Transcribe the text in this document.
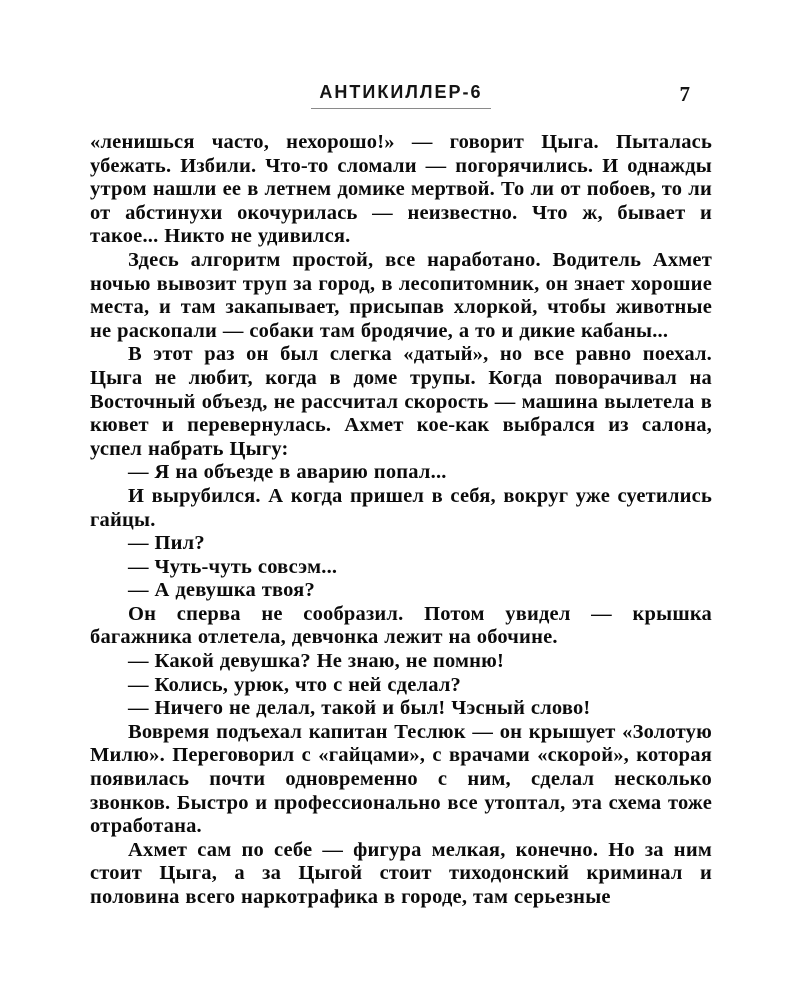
АНТИКИЛЛЕР-6	7

«ленишься часто, нехорошо!» — говорит Цыга. Пыталась убежать. Избили. Что-то сломали — погорячились. И однажды утром нашли ее в летнем домике мертвой. То ли от побоев, то ли от абстинухи окочурилась — неизвестно. Что ж, бывает и такое... Никто не удивился.

Здесь алгоритм простой, все наработано. Водитель Ахмет ночью вывозит труп за город, в лесопитомник, он знает хорошие места, и там закапывает, присыпав хлоркой, чтобы животные не раскопали — собаки там бродячие, а то и дикие кабаны...

В этот раз он был слегка «датый», но все равно поехал. Цыга не любит, когда в доме трупы. Когда поворачивал на Восточный объезд, не рассчитал скорость — машина вылетела в кювет и перевернулась. Ахмет кое-как выбрался из салона, успел набрать Цыгу:

— Я на объезде в аварию попал...

И вырубился. А когда пришел в себя, вокруг уже суетились гайцы.

— Пил?

— Чуть-чуть совсэм...

— А девушка твоя?

Он сперва не сообразил. Потом увидел — крышка багажника отлетела, девчонка лежит на обочине.

— Какой девушка? Не знаю, не помню!

— Колись, урюк, что с ней сделал?

— Ничего не делал, такой и был! Чэсный слово!

Вовремя подъехал капитан Теслюк — он крышует «Золотую Милю». Переговорил с «гайцами», с врачами «скорой», которая появилась почти одновременно с ним, сделал несколько звонков. Быстро и профессионально все утоптал, эта схема тоже отработана.

Ахмет сам по себе — фигура мелкая, конечно. Но за ним стоит Цыга, а за Цыгой стоит тиходонский криминал и половина всего наркотрафика в городе, там серьезные
